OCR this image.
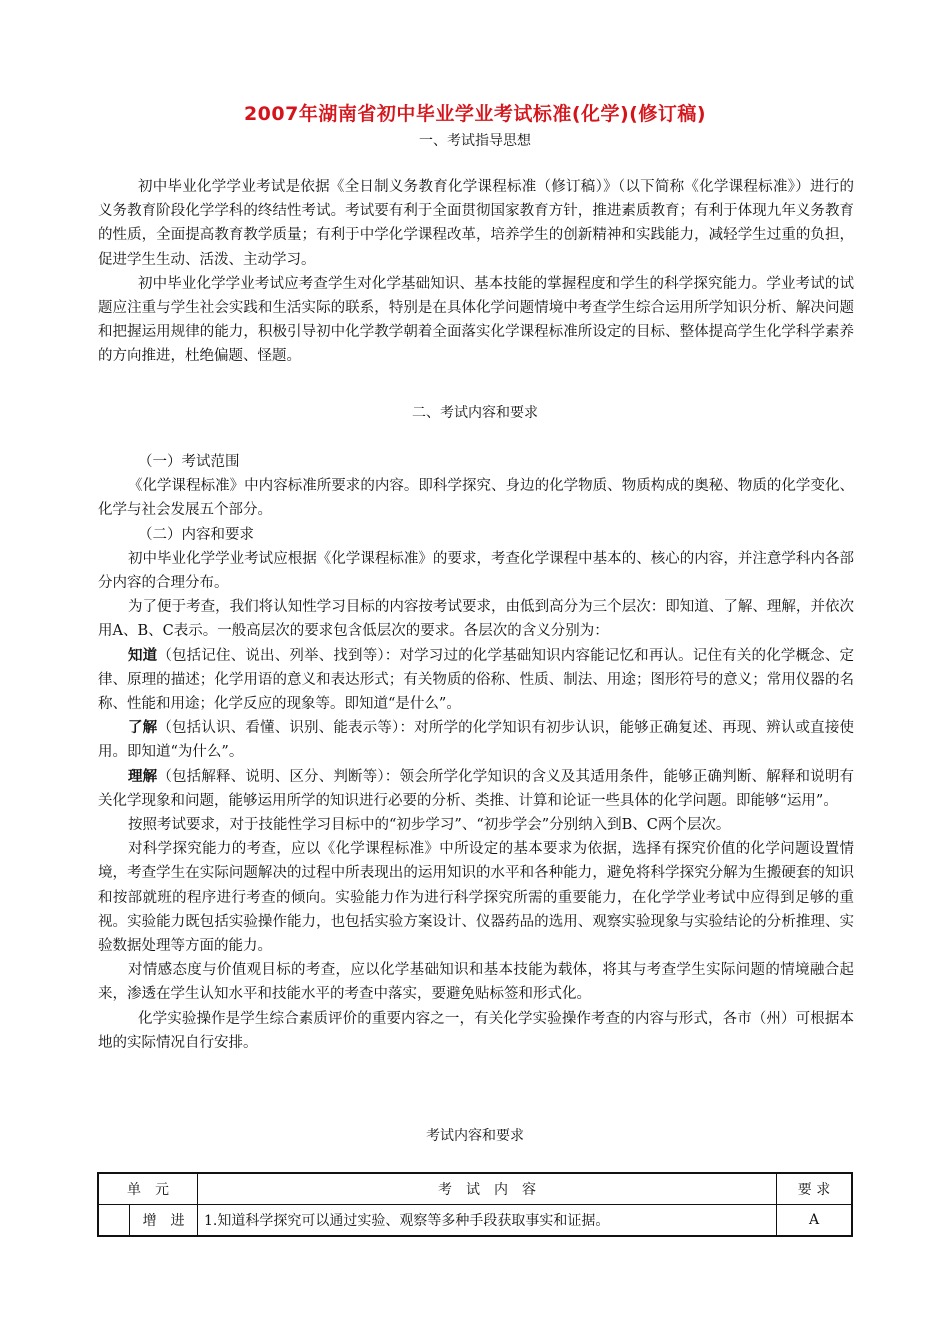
2007年湖南省初中毕业学业考试标准(化学)(修订稿)
一、考试指导思想

初中毕业化学学业考试是依据《全日制义务教育化学课程标准（修订稿）》（以下简称《化学课程标准》）进行的义务教育阶段化学学科的终结性考试。考试要有利于全面贯彻国家教育方针，推进素质教育；有利于体现九年义务教育的性质，全面提高教育教学质量；有利于中学化学课程改革，培养学生的创新精神和实践能力，减轻学生过重的负担，促进学生生动、活泼、主动学习。

初中毕业化学学业考试应考查学生对化学基础知识、基本技能的掌握程度和学生的科学探究能力。学业考试的试题应注重与学生社会实践和生活实际的联系，特别是在具体化学问题情境中考查学生综合运用所学知识分析、解决问题和把握运用规律的能力，积极引导初中化学教学朝着全面落实化学课程标准所设定的目标、整体提高学生化学科学素养的方向推进，杜绝偏题、怪题。

二、考试内容和要求

（一）考试范围

《化学课程标准》中内容标准所要求的内容。即科学探究、身边的化学物质、物质构成的奥秘、物质的化学变化、化学与社会发展五个部分。

（二）内容和要求

初中毕业化学学业考试应根据《化学课程标准》的要求，考查化学课程中基本的、核心的内容，并注意学科内各部分内容的合理分布。

为了便于考查，我们将认知性学习目标的内容按考试要求，由低到高分为三个层次：即知道、了解、理解，并依次用A、B、C表示。一般高层次的要求包含低层次的要求。各层次的含义分别为：

知道（包括记住、说出、列举、找到等）：对学习过的化学基础知识内容能记忆和再认。记住有关的化学概念、定律、原理的描述；化学用语的意义和表达形式；有关物质的俗称、性质、制法、用途；图形符号的意义；常用仪器的名称、性能和用途；化学反应的现象等。即知道“是什么”。

了解（包括认识、看懂、识别、能表示等）：对所学的化学知识有初步认识，能够正确复述、再现、辨认或直接使用。即知道“为什么”。

理解（包括解释、说明、区分、判断等）：领会所学化学知识的含义及其适用条件，能够正确判断、解释和说明有关化学现象和问题，能够运用所学的知识进行必要的分析、类推、计算和论证一些具体的化学问题。即能够“运用”。

按照考试要求，对于技能性学习目标中的“初步学习”、“初步学会”分别纳入到B、C两个层次。

对科学探究能力的考查，应以《化学课程标准》中所设定的基本要求为依据，选择有探究价值的化学问题设置情境，考查学生在实际问题解决的过程中所表现出的运用知识的水平和各种能力，避免将科学探究分解为生搬硬套的知识和按部就班的程序进行考查的倾向。实验能力作为进行科学探究所需的重要能力，在化学学业考试中应得到足够的重视。实验能力既包括实验操作能力，也包括实验方案设计、仪器药品的选用、观察实验现象与实验结论的分析推理、实验数据处理等方面的能力。

对情感态度与价值观目标的考查，应以化学基础知识和基本技能为载体，将其与考查学生实际问题的情境融合起来，渗透在学生认知水平和技能水平的考查中落实，要避免贴标签和形式化。

化学实验操作是学生综合素质评价的重要内容之一，有关化学实验操作考查的内容与形式，各市（州）可根据本地的实际情况自行安排。

考试内容和要求
单　元		考　试　内　容	要 求
	增　进	1.知道科学探究可以通过实验、观察等多种手段获取事实和证据。	A
